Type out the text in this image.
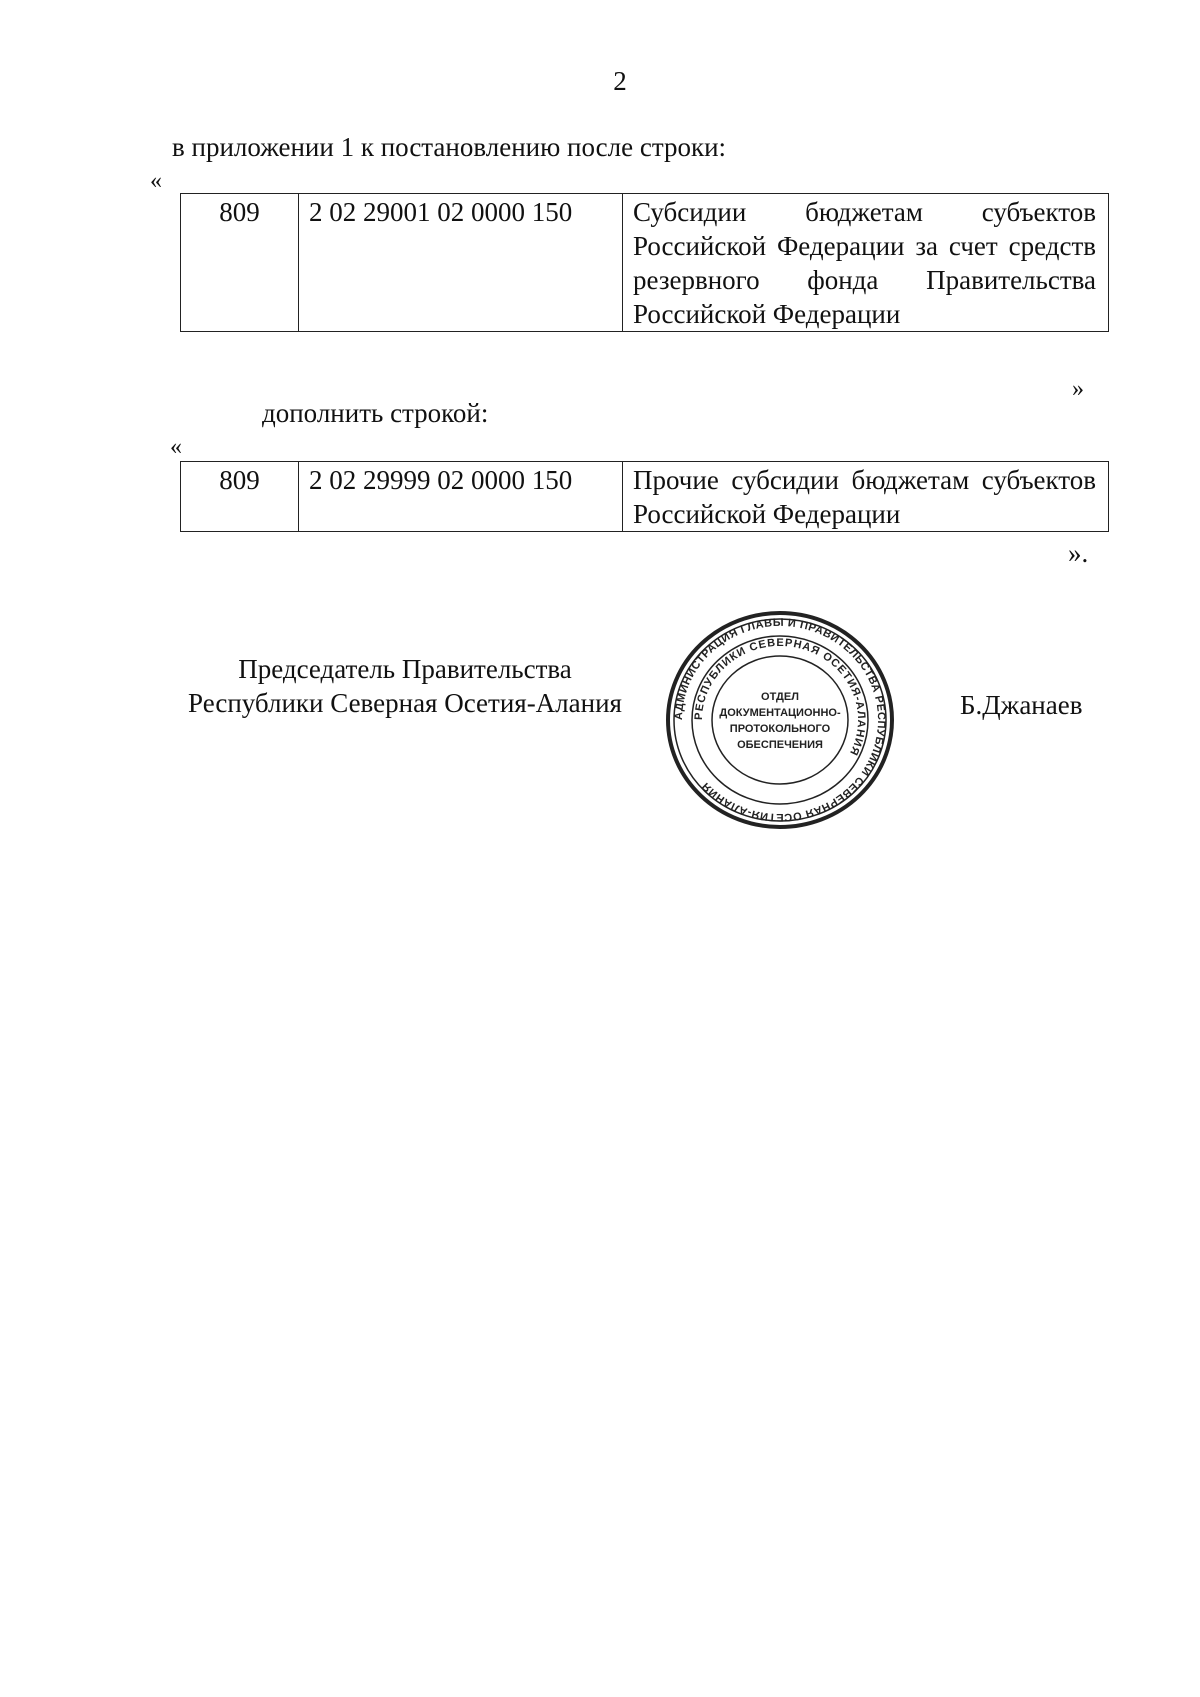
2
в приложении 1 к постановлению после строки:
«
809	2 02 29001 02 0000 150	Субсидии бюджетам субъектов Российской Федерации за счет средств резервного фонда Правительства Российской Федерации
»
дополнить строкой:
«
809	2 02 29999 02 0000 150	Прочие субсидии бюджетам субъектов Российской Федерации
».
Председатель Правительства
Республики Северная Осетия-Алания	АДМИНИСТРАЦИЯ ГЛАВЫ И ПРАВИТЕЛЬСТВА РЕСПУБЛИКИ СЕВЕРНАЯ ОСЕТИЯ-АЛАНИЯ
РЕСПУБЛИКИ СЕВЕРНАЯ ОСЕТИЯ-АЛАНИЯ
ОТДЕЛ
ДОКУМЕНТАЦИОННО-
ПРОТОКОЛЬНОГО
ОБЕСПЕЧЕНИЯ
Б.Джанаев
